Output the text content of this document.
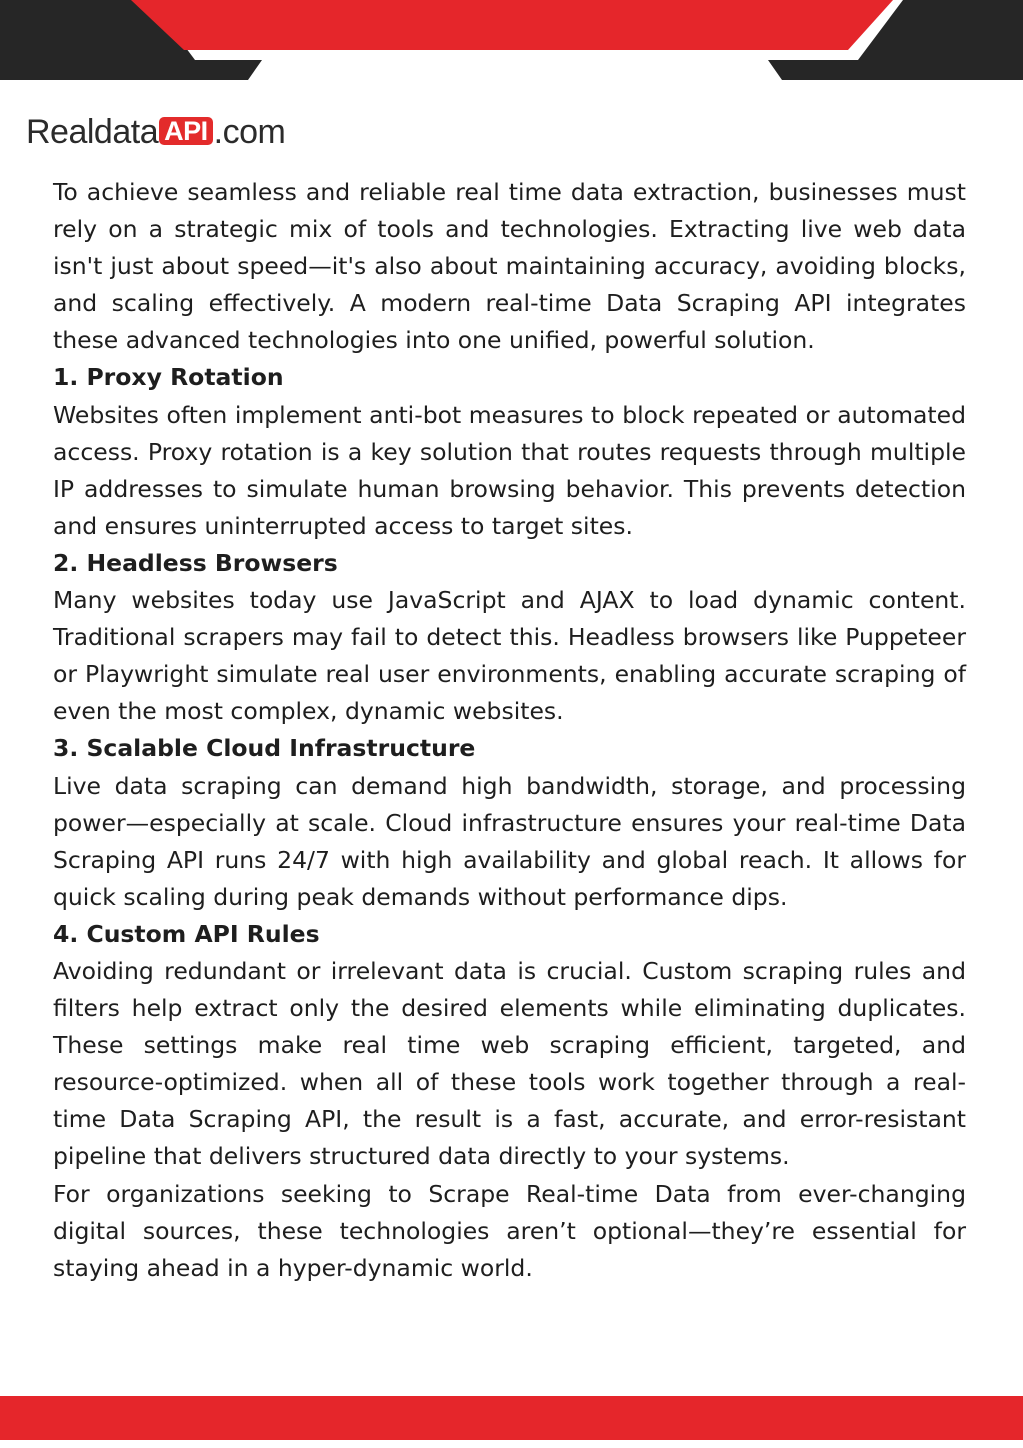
Realdata API .com

To achieve seamless and reliable real time data extraction, businesses must rely on a strategic mix of tools and technologies. Extracting live web data isn't just about speed—it's also about maintaining accuracy, avoiding blocks, and scaling effectively. A modern real-time Data Scraping API integrates these advanced technologies into one unified, powerful solution.

1. Proxy Rotation

Websites often implement anti-bot measures to block repeated or automated access. Proxy rotation is a key solution that routes requests through multiple IP addresses to simulate human browsing behavior. This prevents detection and ensures uninterrupted access to target sites.

2. Headless Browsers

Many websites today use JavaScript and AJAX to load dynamic content. Traditional scrapers may fail to detect this. Headless browsers like Puppeteer or Playwright simulate real user environments, enabling accurate scraping of even the most complex, dynamic websites.

3. Scalable Cloud Infrastructure

Live data scraping can demand high bandwidth, storage, and processing power—especially at scale. Cloud infrastructure ensures your real-time Data Scraping API runs 24/7 with high availability and global reach. It allows for quick scaling during peak demands without performance dips.

4. Custom API Rules

Avoiding redundant or irrelevant data is crucial. Custom scraping rules and filters help extract only the desired elements while eliminating duplicates. These settings make real time web scraping efficient, targeted, and resource-optimized. when all of these tools work together through a real-time Data Scraping API, the result is a fast, accurate, and error-resistant pipeline that delivers structured data directly to your systems.

For organizations seeking to Scrape Real-time Data from ever-changing digital sources, these technologies aren’t optional—they’re essential for staying ahead in a hyper-dynamic world.
